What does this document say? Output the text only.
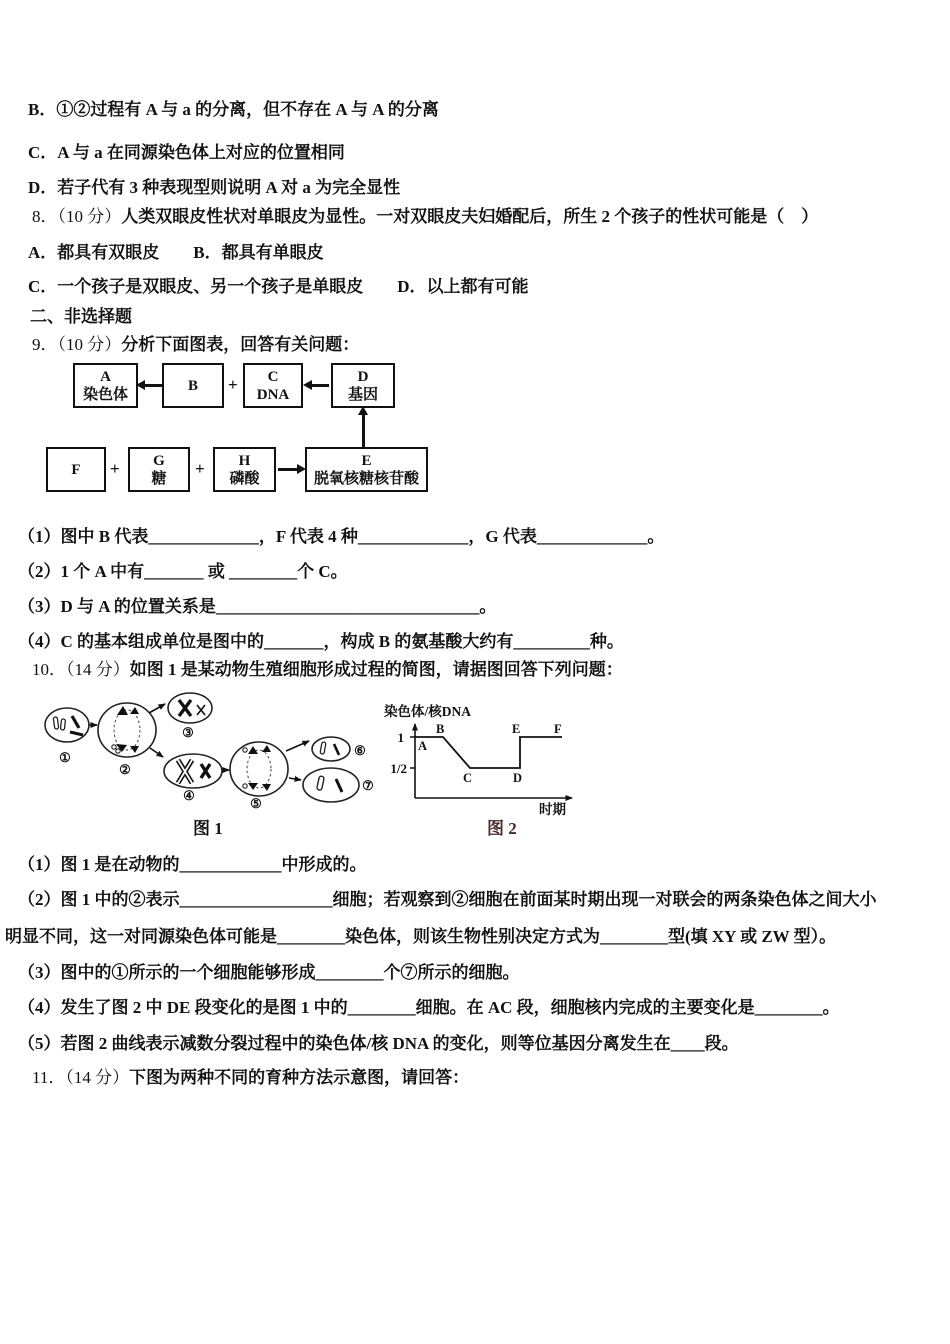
B．①②过程有 A 与 a 的分离，但不存在 A 与 A 的分离
C．A 与 a 在同源染色体上对应的位置相同
D．若子代有 3 种表现型则说明 A 对 a 为完全显性
8．（10 分）人类双眼皮性状对单眼皮为显性。一对双眼皮夫妇婚配后，所生 2 个孩子的性状可能是（　）
A．都具有双眼皮　　B．都具有单眼皮
C．一个孩子是双眼皮、另一个孩子是单眼皮　　D．以上都有可能
二、非选择题
9．（10 分）分析下面图表，回答有关问题：
A
染色体
B
C
DNA
D
基因
F
G
糖
H
磷酸
E
脱氧核糖核苷酸
+
+	+
（1）图中 B 代表_____________，F 代表 4 种_____________，G 代表_____________。
（2）1 个 A 中有_______ 或 ________个 C。
（3）D 与 A 的位置关系是_______________________________。
（4）C 的基本组成单位是图中的_______，构成 B 的氨基酸大约有_________种。
10．（14 分）如图 1 是某动物生殖细胞形成过程的简图，请据图回答下列问题：
①
②
③
④
⑤
⑥
⑦
图 1
染色体/核DNA
1
1/2
A
B
C	D
E	F
时期
图 2
（1）图 1 是在动物的____________中形成的。
（2）图 1 中的②表示__________________细胞；若观察到②细胞在前面某时期出现一对联会的两条染色体之间大小
明显不同，这一对同源染色体可能是________染色体，则该生物性别决定方式为________型(填 XY 或 ZW 型）。
（3）图中的①所示的一个细胞能够形成________个⑦所示的细胞。
（4）发生了图 2 中 DE 段变化的是图 1 中的________细胞。在 AC 段，细胞核内完成的主要变化是________。
（5）若图 2 曲线表示减数分裂过程中的染色体/核 DNA 的变化，则等位基因分离发生在____段。
11．（14 分）下图为两种不同的育种方法示意图，请回答：
